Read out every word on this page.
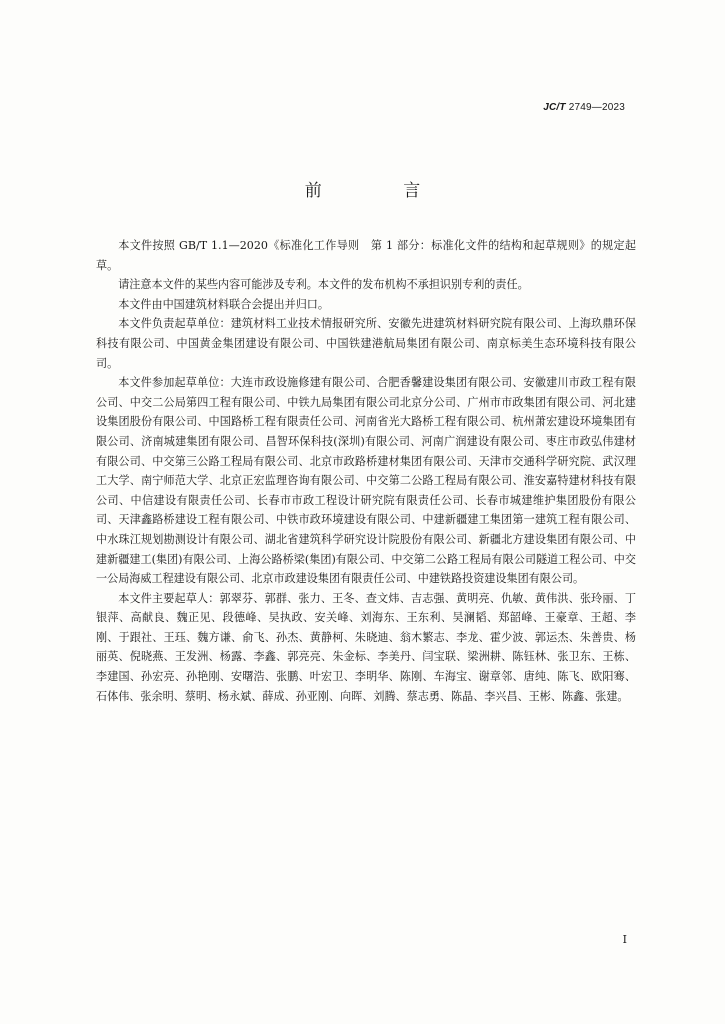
JC/T 2749—2023
前 言

本文件按照 GB/T 1.1—2020《标准化工作导则　第 1 部分：标准化文件的结构和起草规则》的规定起草。

请注意本文件的某些内容可能涉及专利。本文件的发布机构不承担识别专利的责任。

本文件由中国建筑材料联合会提出并归口。

本文件负责起草单位：建筑材料工业技术情报研究所、安徽先进建筑材料研究院有限公司、上海玖鼎环保科技有限公司、中国黄金集团建设有限公司、中国铁建港航局集团有限公司、南京标美生态环境科技有限公司。

本文件参加起草单位：大连市政设施修建有限公司、合肥香馨建设集团有限公司、安徽建川市政工程有限公司、中交二公局第四工程有限公司、中铁九局集团有限公司北京分公司、广州市市政集团有限公司、河北建设集团股份有限公司、中国路桥工程有限责任公司、河南省光大路桥工程有限公司、杭州萧宏建设环境集团有限公司、济南城建集团有限公司、昌智环保科技(深圳)有限公司、河南广润建设有限公司、枣庄市政弘伟建材有限公司、中交第三公路工程局有限公司、北京市政路桥建材集团有限公司、天津市交通科学研究院、武汉理工大学、南宁师范大学、北京正宏监理咨询有限公司、中交第二公路工程局有限公司、淮安嘉特建材科技有限公司、中信建设有限责任公司、长春市市政工程设计研究院有限责任公司、长春市城建维护集团股份有限公司、天津鑫路桥建设工程有限公司、中铁市政环境建设有限公司、中建新疆建工集团第一建筑工程有限公司、中水珠江规划勘测设计有限公司、湖北省建筑科学研究设计院股份有限公司、新疆北方建设集团有限公司、中建新疆建工(集团)有限公司、上海公路桥梁(集团)有限公司、中交第二公路工程局有限公司隧道工程公司、中交一公局海威工程建设有限公司、北京市政建设集团有限责任公司、中建铁路投资建设集团有限公司。

本文件主要起草人：郭翠芬、郭群、张力、王冬、查文炜、吉志强、黄明亮、仇敏、黄伟洪、张玲丽、丁银萍、高献良、魏正见、段德峰、吴执政、安关峰、刘海东、王东利、吴澜韬、郑韶峰、王豪章、王超、李刚、于跟社、王珏、魏方谦、俞飞、孙杰、黄静柯、朱晓迪、翁木繁志、李龙、霍少波、郭运杰、朱善贵、杨丽英、倪晓燕、王发洲、杨露、李鑫、郭亮亮、朱金标、李美丹、闫宝联、梁洲耕、陈钰林、张卫东、王栋、李建国、孙宏亮、孙艳刚、安曙浩、张鹏、叶宏卫、李明华、陈刚、车海宝、谢章邻、唐纯、陈飞、欧阳骞、石体伟、张余明、蔡明、杨永斌、薛成、孙亚刚、向晖、刘腾、蔡志勇、陈晶、李兴昌、王彬、陈鑫、张建。

I
